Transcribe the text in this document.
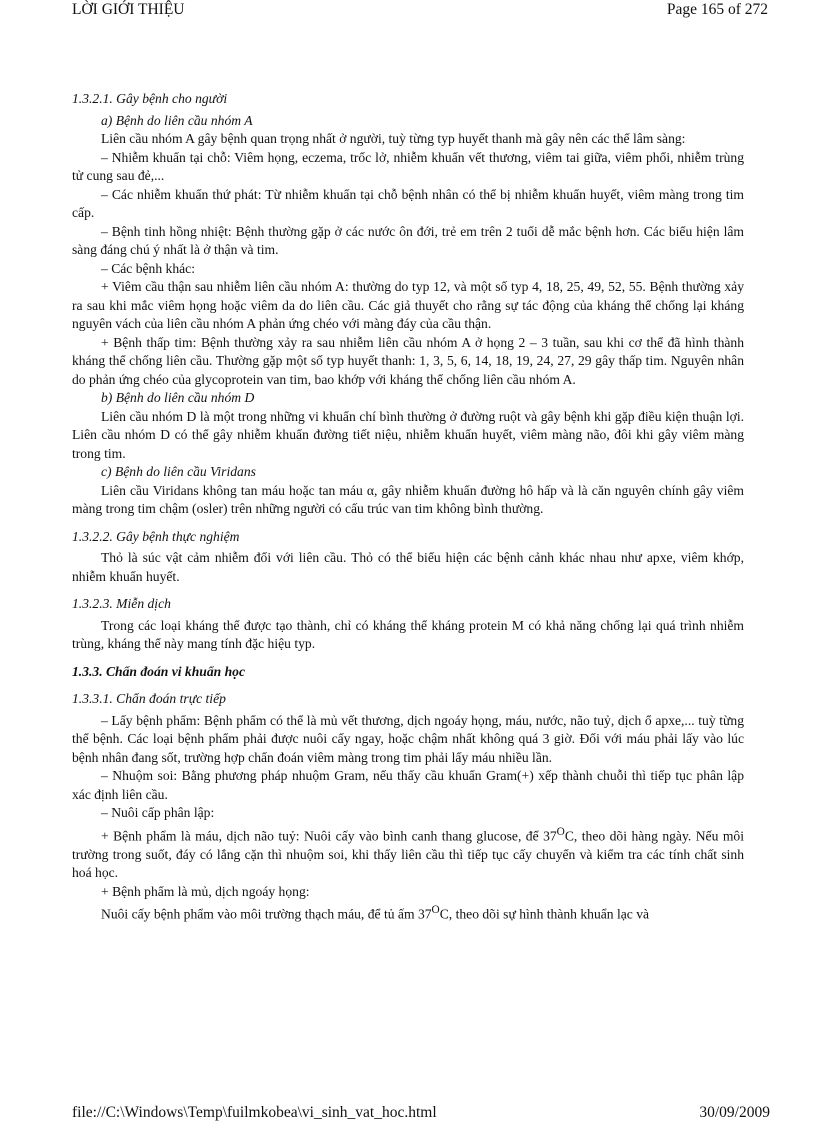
LỜI GIỚI THIỆU	Page 165 of 272

1.3.2.1. Gây bệnh cho người

a) Bệnh do liên cầu nhóm A

Liên cầu nhóm A gây bệnh quan trọng nhất ở người, tuỳ từng typ huyết thanh mà gây nên các thể lâm sàng:

– Nhiễm khuẩn tại chỗ: Viêm họng, eczema, trốc lở, nhiễm khuẩn vết thương, viêm tai giữa, viêm phổi, nhiễm trùng tử cung sau đẻ,...

– Các nhiễm khuẩn thứ phát: Từ nhiễm khuẩn tại chỗ bệnh nhân có thể bị nhiễm khuẩn huyết, viêm màng trong tim cấp.

– Bệnh tinh hồng nhiệt: Bệnh thường gặp ở các nước ôn đới, trẻ em trên 2 tuổi dễ mắc bệnh hơn. Các biểu hiện lâm sàng đáng chú ý nhất là ở thận và tim.

– Các bệnh khác:

+ Viêm cầu thận sau nhiễm liên cầu nhóm A: thường do typ 12, và một số typ 4, 18, 25, 49, 52, 55. Bệnh thường xảy ra sau khi mắc viêm họng hoặc viêm da do liên cầu. Các giả thuyết cho rằng sự tác động của kháng thể chống lại kháng nguyên vách của liên cầu nhóm A phản ứng chéo với màng đáy của cầu thận.

+ Bệnh thấp tim: Bệnh thường xảy ra sau nhiễm liên cầu nhóm A ở họng 2 – 3 tuần, sau khi cơ thể đã hình thành kháng thể chống liên cầu. Thường gặp một số typ huyết thanh: 1, 3, 5, 6, 14, 18, 19, 24, 27, 29 gây thấp tim. Nguyên nhân do phản ứng chéo của glycoprotein van tim, bao khớp với kháng thể chống liên cầu nhóm A.

b) Bệnh do liên cầu nhóm D

Liên cầu nhóm D là một trong những vi khuẩn chí bình thường ở đường ruột và gây bệnh khi gặp điều kiện thuận lợi. Liên cầu nhóm D có thể gây nhiễm khuẩn đường tiết niệu, nhiễm khuẩn huyết, viêm màng não, đôi khi gây viêm màng trong tim.

c) Bệnh do liên cầu Viridans

Liên cầu Viridans không tan máu hoặc tan máu α, gây nhiễm khuẩn đường hô hấp và là căn nguyên chính gây viêm màng trong tim chậm (osler) trên những người có cấu trúc van tim không bình thường.

1.3.2.2. Gây bệnh thực nghiệm

Thỏ là súc vật cảm nhiễm đối với liên cầu. Thỏ có thể biểu hiện các bệnh cảnh khác nhau như apxe, viêm khớp, nhiễm khuẩn huyết.

1.3.2.3. Miễn dịch

Trong các loại kháng thể được tạo thành, chỉ có kháng thể kháng protein M có khả năng chống lại quá trình nhiễm trùng, kháng thể này mang tính đặc hiệu typ.

1.3.3. Chẩn đoán vi khuẩn học

1.3.3.1. Chẩn đoán trực tiếp

– Lấy bệnh phẩm: Bệnh phẩm có thể là mủ vết thương, dịch ngoáy họng, máu, nước, não tuỷ, dịch ổ apxe,... tuỳ từng thể bệnh. Các loại bệnh phẩm phải được nuôi cấy ngay, hoặc chậm nhất không quá 3 giờ. Đối với máu phải lấy vào lúc bệnh nhân đang sốt, trường hợp chẩn đoán viêm màng trong tim phải lấy máu nhiều lần.

– Nhuộm soi: Bằng phương pháp nhuộm Gram, nếu thấy cầu khuẩn Gram(+) xếp thành chuỗi thì tiếp tục phân lập xác định liên cầu.

– Nuôi cấp phân lập:

+ Bệnh phẩm là máu, dịch não tuỷ: Nuôi cấy vào bình canh thang glucose, để $37^OC$, theo dõi hàng ngày. Nếu môi trường trong suốt, đáy có lắng cặn thì nhuộm soi, khi thấy liên cầu thì tiếp tục cấy chuyển và kiểm tra các tính chất sinh hoá học.

+ Bệnh phẩm là mủ, dịch ngoáy họng:

Nuôi cấy bệnh phẩm vào môi trường thạch máu, để tủ ấm $37^OC$, theo dõi sự hình thành khuẩn lạc và

file://C:\Windows\Temp\fuilmkobea\vi_sinh_vat_hoc.html	30/09/2009
